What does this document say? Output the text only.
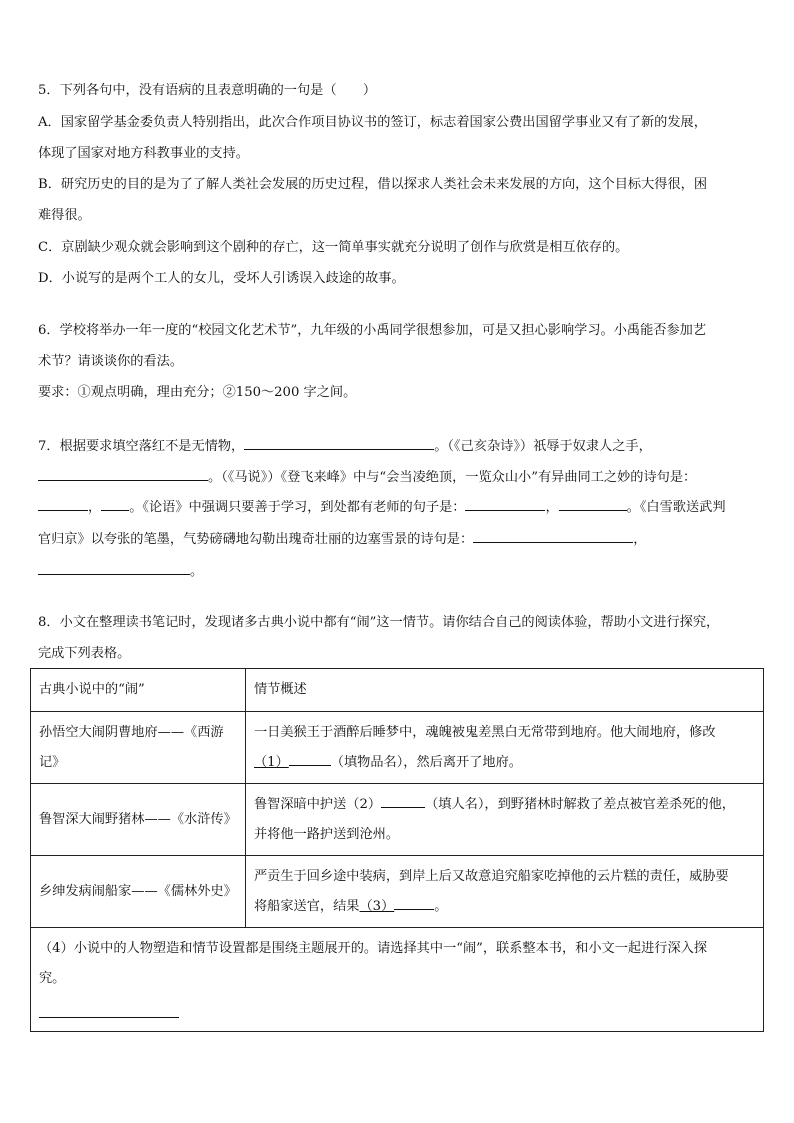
5．下列各句中，没有语病的且表意明确的一句是（　　）
A．国家留学基金委负责人特别指出，此次合作项目协议书的签订，标志着国家公费出国留学事业又有了新的发展，
体现了国家对地方科教事业的支持。
B．研究历史的目的是为了了解人类社会发展的历史过程，借以探求人类社会未来发展的方向，这个目标大得很，困
难得很。
C．京剧缺少观众就会影响到这个剧种的存亡，这一简单事实就充分说明了创作与欣赏是相互依存的。
D．小说写的是两个工人的女儿，受坏人引诱误入歧途的故事。
6．学校将举办一年一度的“校园文化艺术节”，九年级的小禹同学很想参加，可是又担心影响学习。小禹能否参加艺
术节？请谈谈你的看法。
要求：①观点明确，理由充分；②150～200 字之间。
7．根据要求填空落红不是无情物，	。（《己亥杂诗》）祇辱于奴隶人之手，
。（《马说》）《登飞来峰》中与“会当凌绝顶，一览众山小”有异曲同工之妙的诗句是：
， 。《论语》中强调只要善于学习，到处都有老师的句子是：	，	。《白雪歌送武判
官归京》以夸张的笔墨，气势磅礴地勾勒出瑰奇壮丽的边塞雪景的诗句是：	，
。
8．小文在整理读书笔记时，发现诸多古典小说中都有“闹”这一情节。请你结合自己的阅读体验，帮助小文进行探究，
完成下列表格。
古典小说中的“闹”	情节概述
孙悟空大闹阴曹地府——《西游记》	一日美猴王于酒醉后睡梦中，魂魄被鬼差黑白无常带到地府。他大闹地府，修改
（1） （填物品名），然后离开了地府。

鲁智深大闹野猪林——《水浒传》	鲁智深暗中护送（2） （填人名），到野猪林时解救了差点被官差杀死的他，
并将他一路护送到沧州。

乡绅发病闹船家——《儒林外史》	严贡生于回乡途中装病，到岸上后又故意追究船家吃掉他的云片糕的责任，威胁要
将船家送官，结果（3） 。

（4）小说中的人物塑造和情节设置都是围绕主题展开的。请选择其中一“闹”，联系整本书，和小文一起进行深入探
究。	
